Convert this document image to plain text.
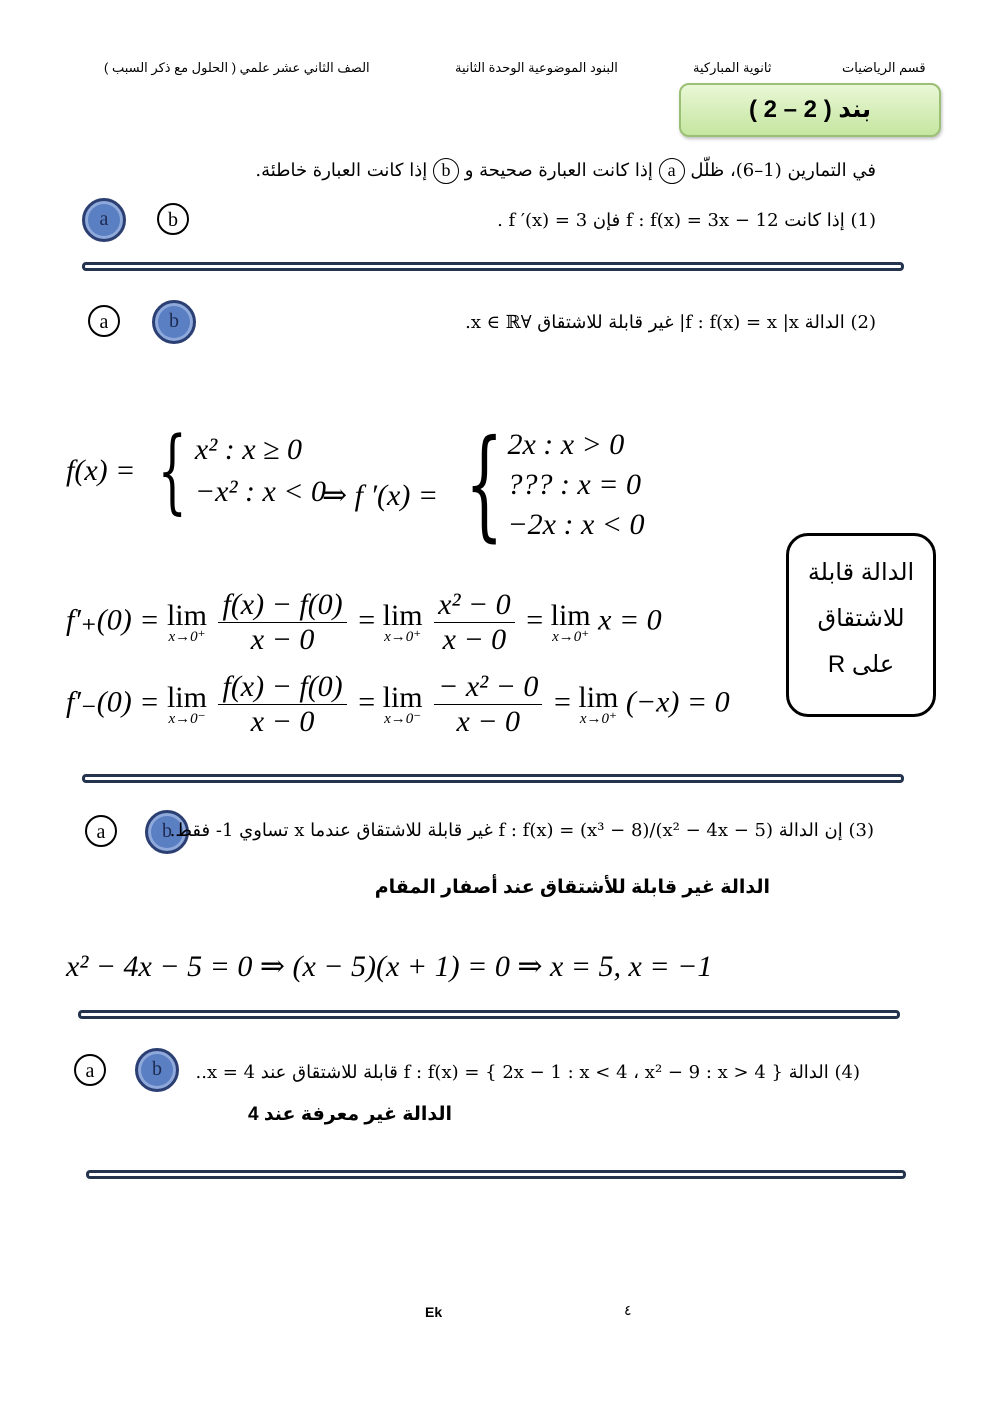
قسم الرياضيات
ثانوية المباركية
البنود الموضوعية الوحدة الثانية
الصف الثاني عشر علمي ( الحلول مع ذكر السبب )
بند ( 2 – 2 )
في التمارين (1–6)، ظلّل a إذا كانت العبارة صحيحة و b إذا كانت العبارة خاطئة.
a	b	(1) إذا كانت f : f(x) = 3x − 12 فإن f ′(x) = 3 .
a	b	(2) الدالة f : f(x) = x |x| غير قابلة للاشتقاق ∀x ∈ ℝ.
f(x) = { x² : x ≥ 0
−x² : x < 0
⇒ f ′(x) = { 2x : x > 0
??? : x = 0
−2x : x < 0
f′₊(0) = lim
x→0⁺
$\frac{f(x) - f(0)}{x - 0} = \lim$
x→0⁺
$\frac{\text{x² − 0}}{x - 0} = \lim$
x→0⁺
x = 0
f′₋(0) = lim
x→0⁻
$\frac{f(x) - f(0)}{x - 0} = \lim$
x→0⁻
$\frac{\text{− x² − 0}}{x - 0} = \lim$
x→0⁺
(−x) = 0
الدالة قابلة
للاشتقاق
على R
a	b	(3) إن الدالة f : f(x) = (x³ − 8)/(x² − 4x − 5) غير قابلة للاشتقاق عندما x تساوي 1- فقط.
الدالة غير قابلة للأشتقاق عند أصفار المقام
x² − 4x − 5 = 0 ⇒ (x − 5)(x + 1) = 0 ⇒ x = 5, x = −1
a	b	(4) الدالة f : f(x) = { 2x − 1 : x < 4 ، x² − 9 : x > 4 } قابلة للاشتقاق عند x = 4..
الدالة غير معرفة عند 4
Ek	٤
